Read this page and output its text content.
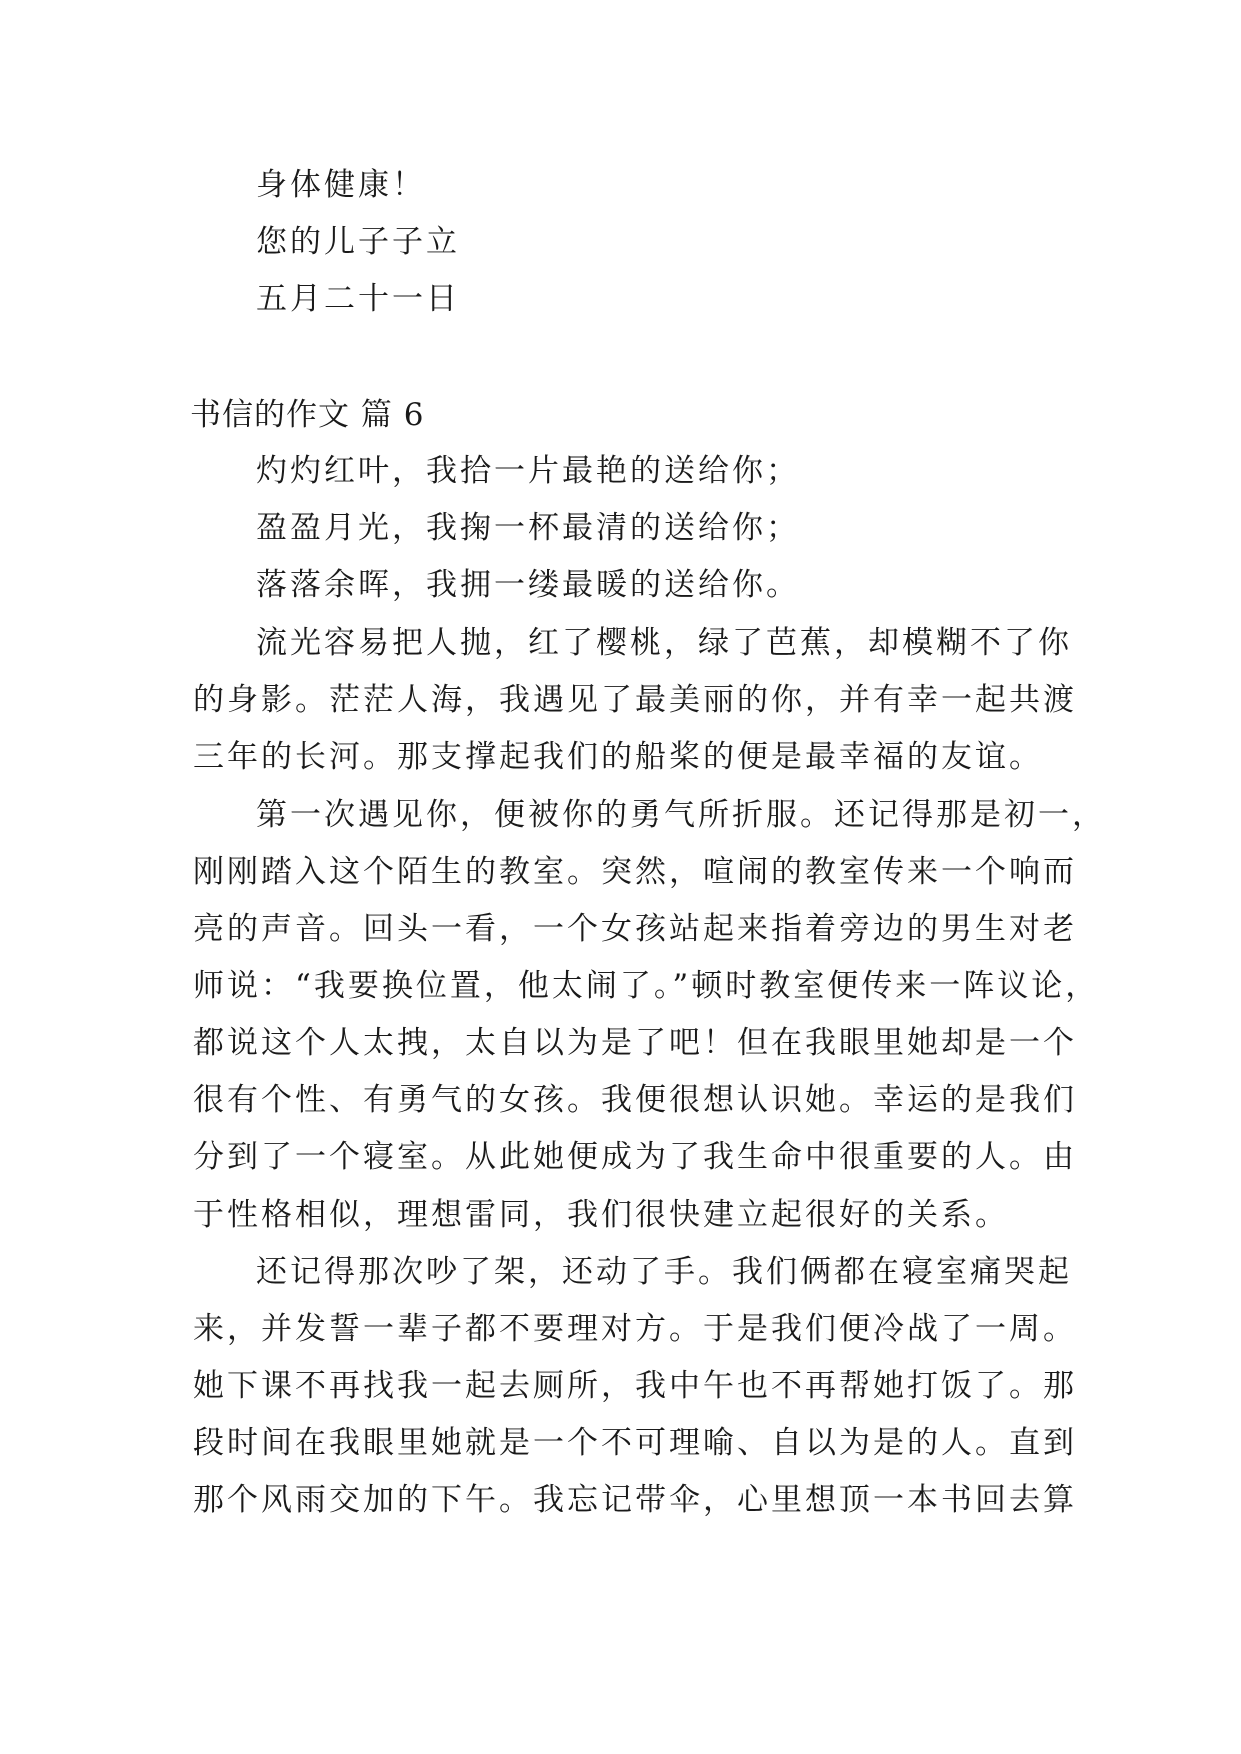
身体健康！
您的儿子子立
五月二十一日
书信的作文 篇 6
灼灼红叶，我拾一片最艳的送给你；
盈盈月光，我掬一杯最清的送给你；
落落余晖，我拥一缕最暖的送给你。
流光容易把人抛，红了樱桃，绿了芭蕉，却模糊不了你
的身影。茫茫人海，我遇见了最美丽的你，并有幸一起共渡
三年的长河。那支撑起我们的船桨的便是最幸福的友谊。
第一次遇见你，便被你的勇气所折服。还记得那是初一，
刚刚踏入这个陌生的教室。突然，喧闹的教室传来一个响而
亮的声音。回头一看，一个女孩站起来指着旁边的男生对老
师说：“我要换位置，他太闹了。”顿时教室便传来一阵议论，
都说这个人太拽，太自以为是了吧！但在我眼里她却是一个
很有个性、有勇气的女孩。我便很想认识她。幸运的是我们
分到了一个寝室。从此她便成为了我生命中很重要的人。由
于性格相似，理想雷同，我们很快建立起很好的关系。
还记得那次吵了架，还动了手。我们俩都在寝室痛哭起
来，并发誓一辈子都不要理对方。于是我们便冷战了一周。
她下课不再找我一起去厕所，我中午也不再帮她打饭了。那
段时间在我眼里她就是一个不可理喻、自以为是的人。直到
那个风雨交加的下午。我忘记带伞，心里想顶一本书回去算
